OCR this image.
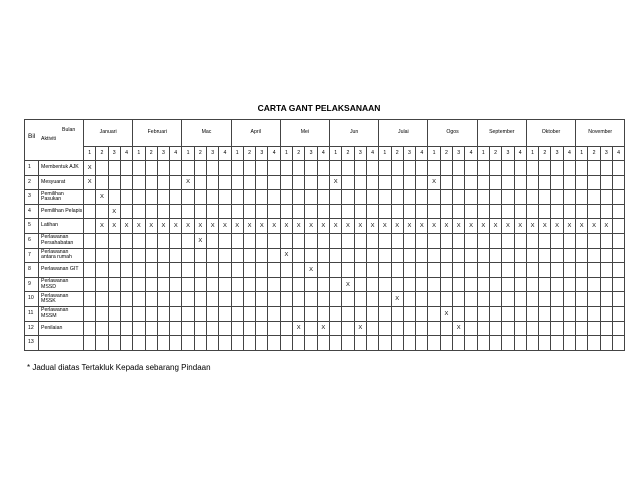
CARTA GANT PELAKSANAAN
Bil
Bulan
Aktiviti		Januari				Februari				Mac				April				Mei				Jun				Julai				Ogos				September				Oktober				November			
		1	2	3	4	1	2	3	4	1	2	3	4	1	2	3	4	1	2	3	4	1	2	3	4	1	2	3	4	1	2	3	4	1	2	3	4	1	2	3	4	1	2	3	4
1	Membentuk AJK	X																																											
2	Mesyuarat	X								X												X								X															
3	Pemilihan Pasukan		X																																										
4	Pemilihan Pelapis			X																																									
5	Latihan		X	X	X	X	X	X	X	X	X	X	X	X	X	X	X	X	X	X	X	X	X	X	X	X	X	X	X	X	X	X	X	X	X	X	X	X	X	X	X	X	X	X	
6	Perlawanan Persahabatan										X																																		
7	Perlawanan antara rumah																	X																											
8	Perlawanan GIT																			X																									
9	Perlawanan MSSD																						X																						
10	Perlawanan MSSK																										X																		
11	Perlawanan MSSM																														X														
12	Penilaian																		X		X			X								X													
13																																													
* Jadual diatas Tertakluk Kepada sebarang Pindaan
